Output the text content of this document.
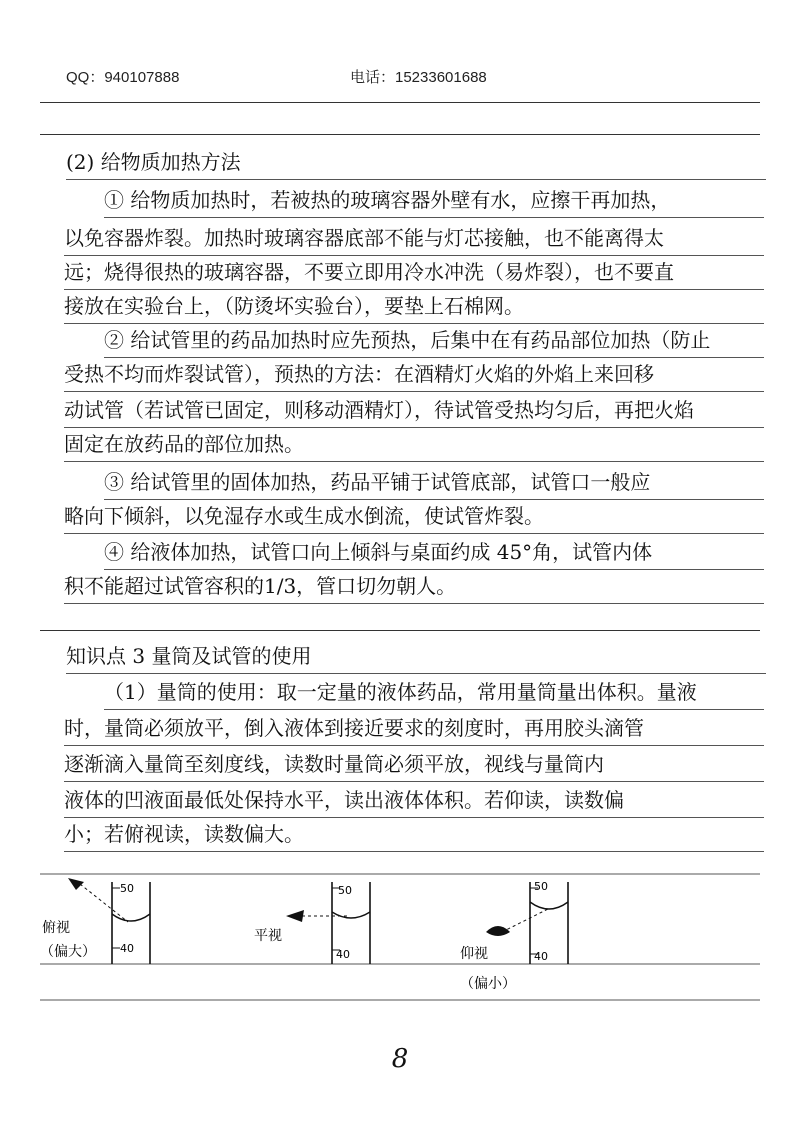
QQ：940107888	电话：15233601688
(2) 给物质加热方法
① 给物质加热时，若被热的玻璃容器外壁有水，应擦干再加热，
以免容器炸裂。加热时玻璃容器底部不能与灯芯接触，也不能离得太
远；烧得很热的玻璃容器，不要立即用冷水冲洗（易炸裂），也不要直
接放在实验台上，（防烫坏实验台），要垫上石棉网。
② 给试管里的药品加热时应先预热，后集中在有药品部位加热（防止
受热不均而炸裂试管），预热的方法：在酒精灯火焰的外焰上来回移
动试管（若试管已固定，则移动酒精灯），待试管受热均匀后，再把火焰
固定在放药品的部位加热。
③ 给试管里的固体加热，药品平铺于试管底部，试管口一般应
略向下倾斜，以免湿存水或生成水倒流，使试管炸裂。
④ 给液体加热，试管口向上倾斜与桌面约成 45°角，试管内体
积不能超过试管容积的1/3，管口切勿朝人。
知识点 3 量筒及试管的使用
（1）量筒的使用：取一定量的液体药品，常用量筒量出体积。量液
时，量筒必须放平，倒入液体到接近要求的刻度时，再用胶头滴管
逐渐滴入量筒至刻度线，读数时量筒必须平放，视线与量筒内
液体的凹液面最低处保持水平，读出液体体积。若仰读，读数偏
小；若俯视读，读数偏大。
50
40
俯视
（偏大）
50
40
平视
50
40
仰视
（偏小）
8
